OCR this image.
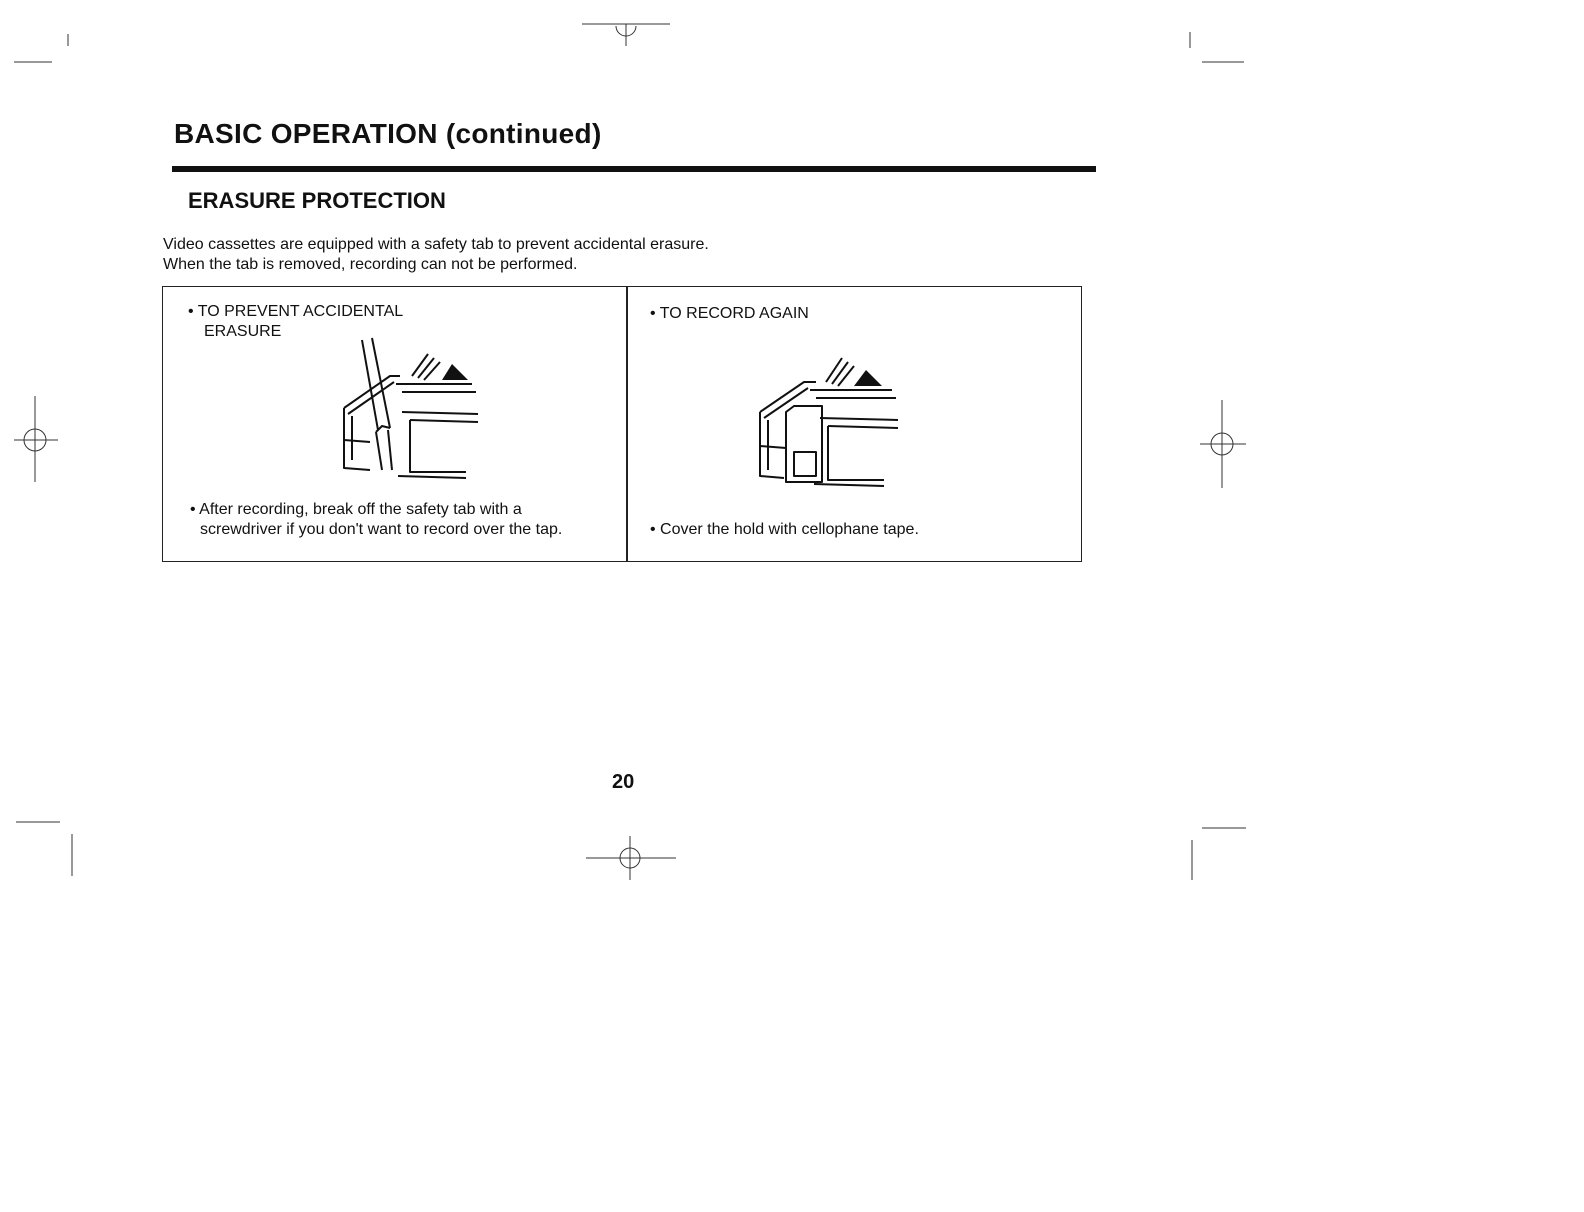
BASIC OPERATION (continued)
ERASURE PROTECTION
Video cassettes are equipped with a safety tab to prevent accidental erasure.
When the tab is removed, recording can not be performed.
• TO PREVENT ACCIDENTAL
ERASURE
• After recording, break off the safety tab with a
screwdriver if you don't want to record over the tap.
• TO RECORD AGAIN
• Cover the hold with cellophane tape.
20
